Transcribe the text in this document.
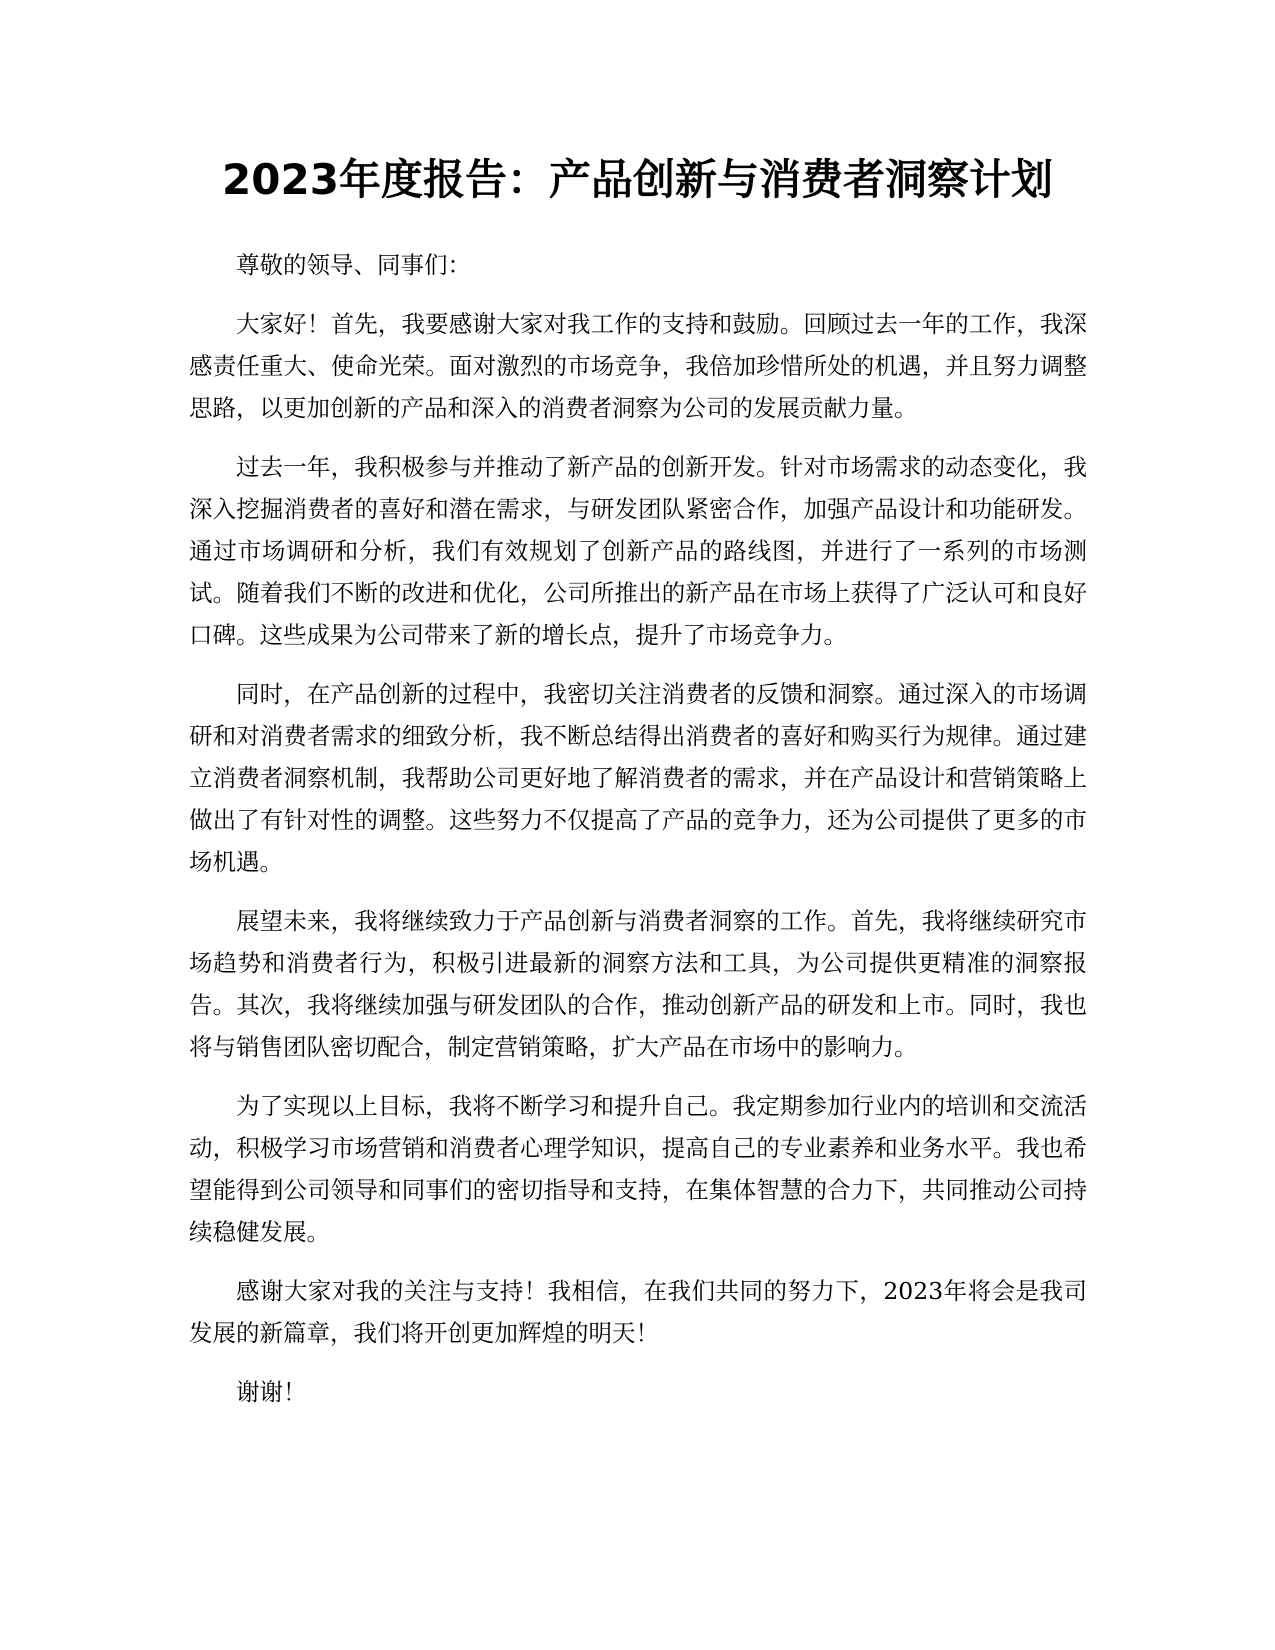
2023年度报告：产品创新与消费者洞察计划

尊敬的领导、同事们：

大家好！首先，我要感谢大家对我工作的支持和鼓励。回顾过去一年的工作，我深感责任重大、使命光荣。面对激烈的市场竞争，我倍加珍惜所处的机遇，并且努力调整思路，以更加创新的产品和深入的消费者洞察为公司的发展贡献力量。

过去一年，我积极参与并推动了新产品的创新开发。针对市场需求的动态变化，我深入挖掘消费者的喜好和潜在需求，与研发团队紧密合作，加强产品设计和功能研发。通过市场调研和分析，我们有效规划了创新产品的路线图，并进行了一系列的市场测试。随着我们不断的改进和优化，公司所推出的新产品在市场上获得了广泛认可和良好口碑。这些成果为公司带来了新的增长点，提升了市场竞争力。

同时，在产品创新的过程中，我密切关注消费者的反馈和洞察。通过深入的市场调研和对消费者需求的细致分析，我不断总结得出消费者的喜好和购买行为规律。通过建立消费者洞察机制，我帮助公司更好地了解消费者的需求，并在产品设计和营销策略上做出了有针对性的调整。这些努力不仅提高了产品的竞争力，还为公司提供了更多的市场机遇。

展望未来，我将继续致力于产品创新与消费者洞察的工作。首先，我将继续研究市场趋势和消费者行为，积极引进最新的洞察方法和工具，为公司提供更精准的洞察报告。其次，我将继续加强与研发团队的合作，推动创新产品的研发和上市。同时，我也将与销售团队密切配合，制定营销策略，扩大产品在市场中的影响力。

为了实现以上目标，我将不断学习和提升自己。我定期参加行业内的培训和交流活动，积极学习市场营销和消费者心理学知识，提高自己的专业素养和业务水平。我也希望能得到公司领导和同事们的密切指导和支持，在集体智慧的合力下，共同推动公司持续稳健发展。

感谢大家对我的关注与支持！我相信，在我们共同的努力下，2023年将会是我司发展的新篇章，我们将开创更加辉煌的明天！

谢谢！
